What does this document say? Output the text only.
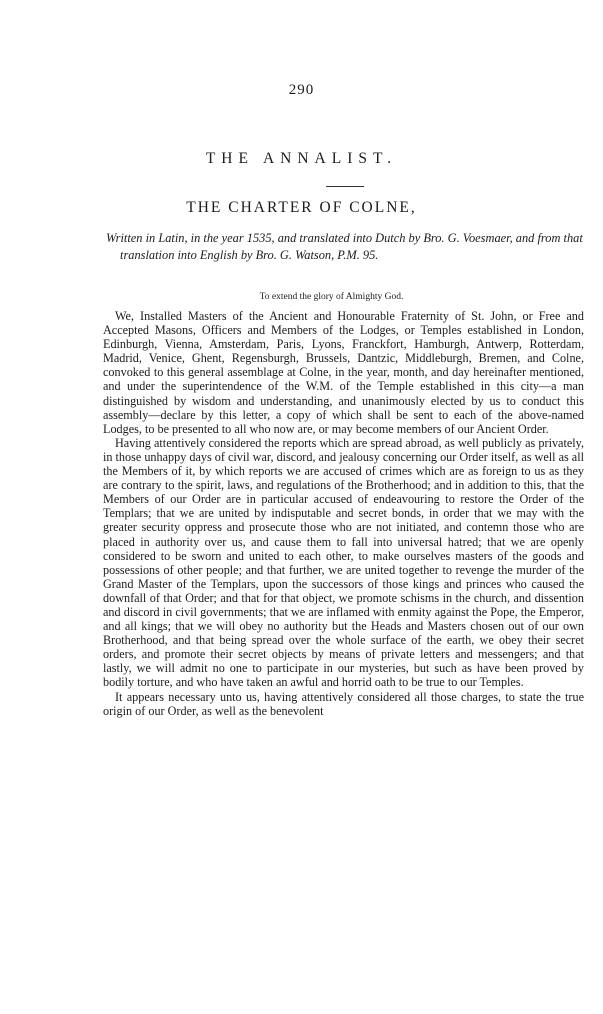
290
THE ANNALIST.
THE CHARTER OF COLNE,
Written in Latin, in the year 1535, and translated into Dutch by Bro. G. Voesmaer, and from that translation into English by Bro. G. Watson, P.M. 95.
To extend the glory of Almighty God.

We, Installed Masters of the Ancient and Honourable Fraternity of St. John, or Free and Accepted Masons, Officers and Members of the Lodges, or Temples established in London, Edinburgh, Vienna, Amsterdam, Paris, Lyons, Franckfort, Hamburgh, Antwerp, Rotterdam, Madrid, Venice, Ghent, Regensburgh, Brussels, Dantzic, Middleburgh, Bremen, and Colne, convoked to this general assemblage at Colne, in the year, month, and day hereinafter mentioned, and under the superintendence of the W.M. of the Temple established in this city—a man distinguished by wisdom and understanding, and unanimously elected by us to conduct this assembly—declare by this letter, a copy of which shall be sent to each of the above-named Lodges, to be presented to all who now are, or may become members of our Ancient Order.

Having attentively considered the reports which are spread abroad, as well publicly as privately, in those unhappy days of civil war, discord, and jealousy concerning our Order itself, as well as all the Members of it, by which reports we are accused of crimes which are as foreign to us as they are contrary to the spirit, laws, and regulations of the Brotherhood; and in addition to this, that the Members of our Order are in particular accused of endeavouring to restore the Order of the Templars; that we are united by indisputable and secret bonds, in order that we may with the greater security oppress and prosecute those who are not initiated, and contemn those who are placed in authority over us, and cause them to fall into universal hatred; that we are openly considered to be sworn and united to each other, to make ourselves masters of the goods and possessions of other people; and that further, we are united together to revenge the murder of the Grand Master of the Templars, upon the successors of those kings and princes who caused the downfall of that Order; and that for that object, we promote schisms in the church, and dissention and discord in civil governments; that we are inflamed with enmity against the Pope, the Emperor, and all kings; that we will obey no authority but the Heads and Masters chosen out of our own Brotherhood, and that being spread over the whole surface of the earth, we obey their secret orders, and promote their secret objects by means of private letters and messengers; and that lastly, we will admit no one to participate in our mysteries, but such as have been proved by bodily torture, and who have taken an awful and horrid oath to be true to our Temples.

It appears necessary unto us, having attentively considered all those charges, to state the true origin of our Order, as well as the benevolent
